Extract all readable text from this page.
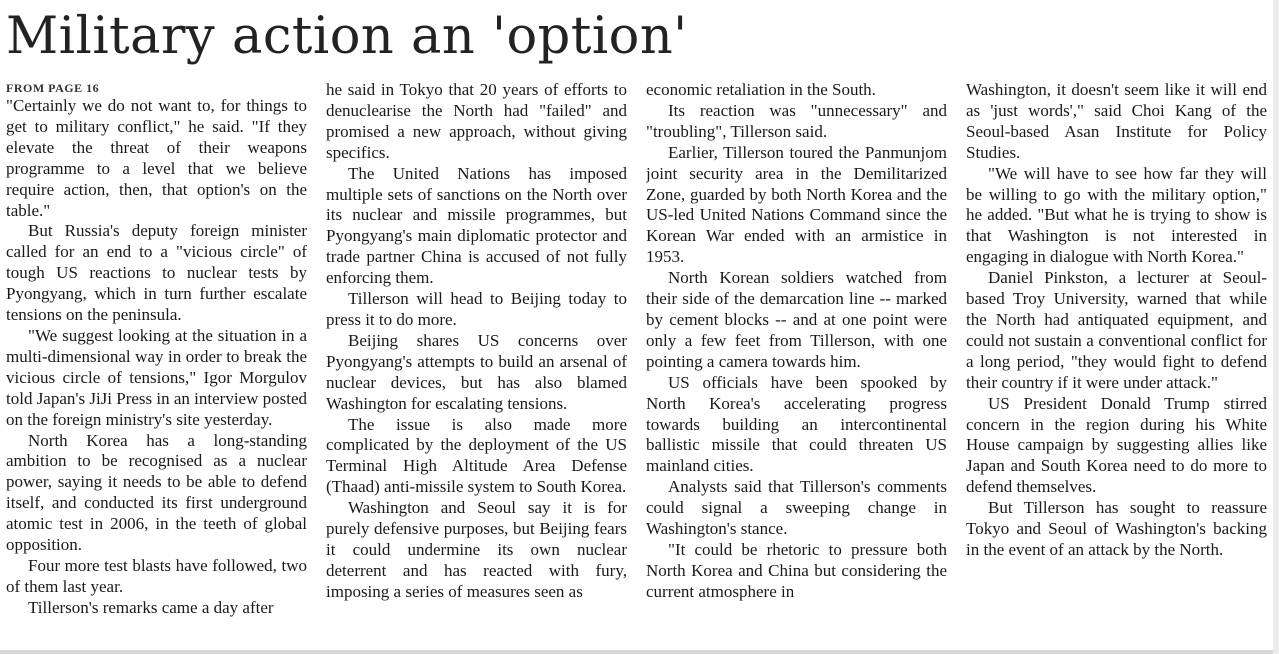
Military action an 'option'
FROM PAGE 16

"Certainly we do not want to, for things to get to military conflict," he said. "If they elevate the threat of their weapons programme to a level that we believe require action, then, that option's on the table."

But Russia's deputy foreign minister called for an end to a "vicious circle" of tough US reactions to nuclear tests by Pyongyang, which in turn further escalate tensions on the peninsula.

"We suggest looking at the situation in a multi-dimensional way in order to break the vicious circle of tensions," Igor Morgulov told Japan's JiJi Press in an interview posted on the foreign ministry's site yesterday.

North Korea has a long-standing ambition to be recognised as a nuclear power, saying it needs to be able to defend itself, and conducted its first underground atomic test in 2006, in the teeth of global opposition.

Four more test blasts have followed, two of them last year.

Tillerson's remarks came a day after

he said in Tokyo that 20 years of efforts to denuclearise the North had "failed" and promised a new approach, without giving specifics.

The United Nations has imposed multiple sets of sanctions on the North over its nuclear and missile programmes, but Pyongyang's main diplomatic protector and trade partner China is accused of not fully enforcing them.

Tillerson will head to Beijing today to press it to do more.

Beijing shares US concerns over Pyongyang's attempts to build an arsenal of nuclear devices, but has also blamed Washington for escalating tensions.

The issue is also made more complicated by the deployment of the US Terminal High Altitude Area Defense (Thaad) anti-missile system to South Korea.

Washington and Seoul say it is for purely defensive purposes, but Beijing fears it could undermine its own nuclear deterrent and has reacted with fury, imposing a series of measures seen as

economic retaliation in the South.

Its reaction was "unnecessary" and "troubling", Tillerson said.

Earlier, Tillerson toured the Panmunjom joint security area in the Demilitarized Zone, guarded by both North Korea and the US-led United Nations Command since the Korean War ended with an armistice in 1953.

North Korean soldiers watched from their side of the demarcation line -- marked by cement blocks -- and at one point were only a few feet from Tillerson, with one pointing a camera towards him.

US officials have been spooked by North Korea's accelerating progress towards building an intercontinental ballistic missile that could threaten US mainland cities.

Analysts said that Tillerson's comments could signal a sweeping change in Washington's stance.

"It could be rhetoric to pressure both North Korea and China but considering the current atmosphere in

Washington, it doesn't seem like it will end as 'just words'," said Choi Kang of the Seoul-based Asan Institute for Policy Studies.

"We will have to see how far they will be willing to go with the military option," he added. "But what he is trying to show is that Washington is not interested in engaging in dialogue with North Korea."

Daniel Pinkston, a lecturer at Seoul-based Troy University, warned that while the North had antiquated equipment, and could not sustain a conventional conflict for a long period, "they would fight to defend their country if it were under attack."

US President Donald Trump stirred concern in the region during his White House campaign by suggesting allies like Japan and South Korea need to do more to defend themselves.

But Tillerson has sought to reassure Tokyo and Seoul of Washington's backing in the event of an attack by the North.
